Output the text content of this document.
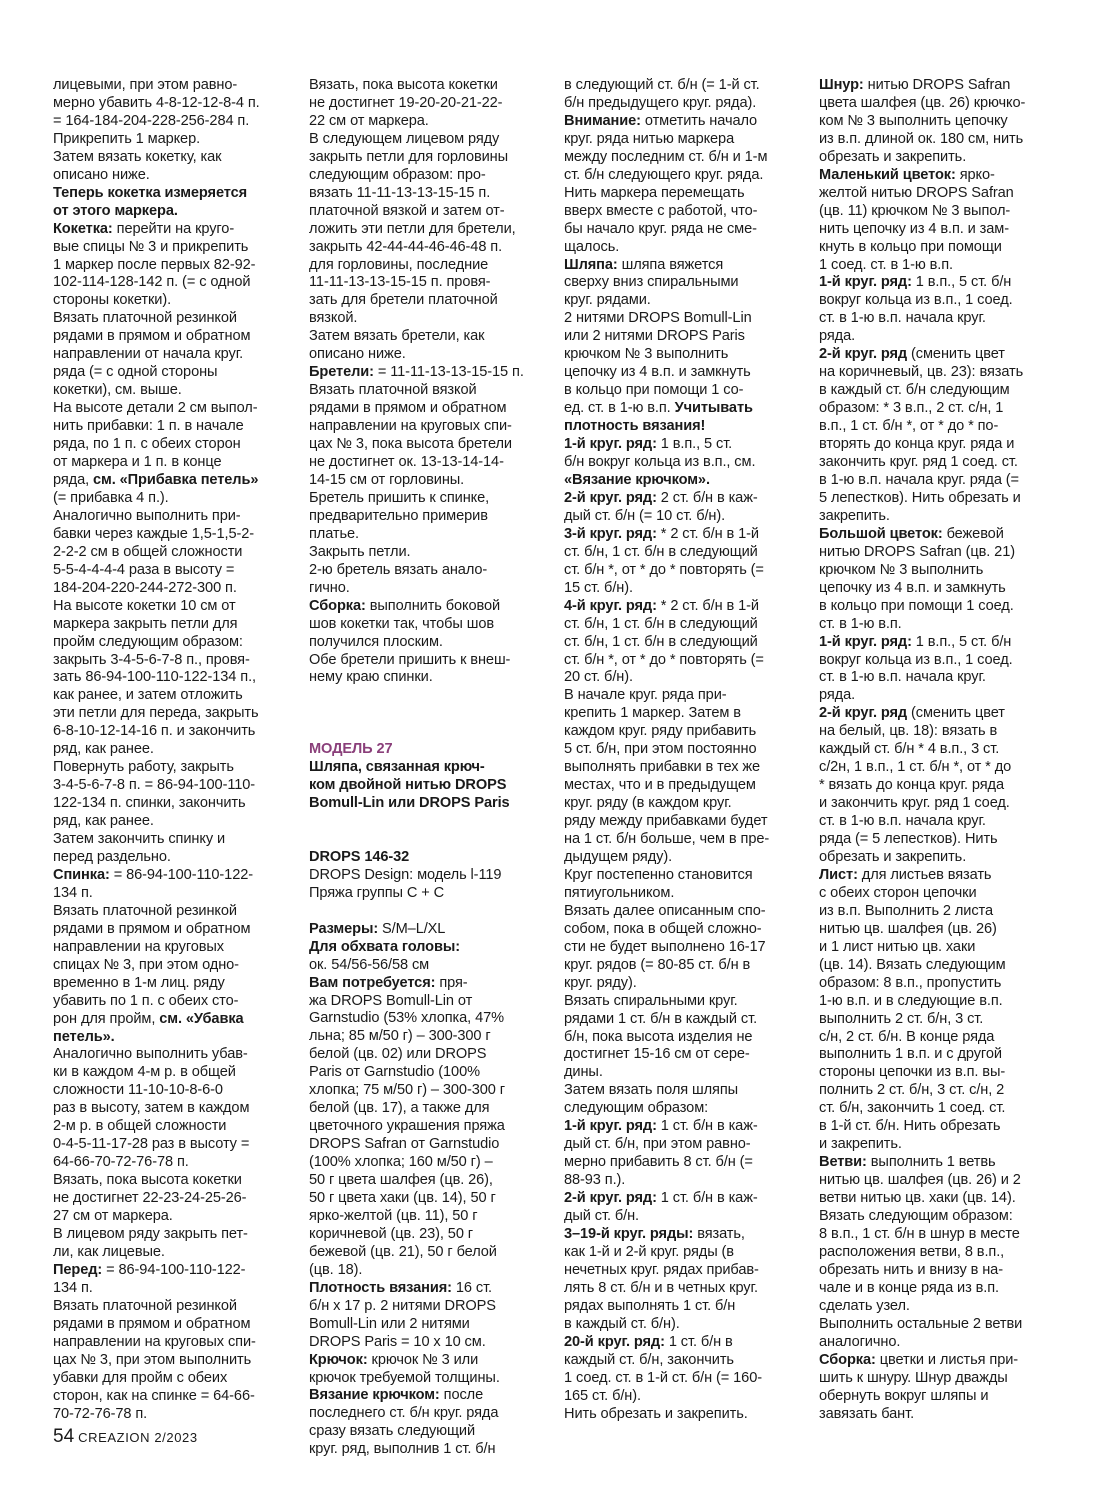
лицевыми, при этом равно-
мерно убавить 4-8-12-12-8-4 п.
= 164-184-204-228-256-284 п.
Прикрепить 1 маркер.
Затем вязать кокетку, как
описано ниже.
Теперь кокетка измеряется
от этого маркера.
Кокетка: перейти на круго-
вые спицы № 3 и прикрепить
1 маркер после первых 82-92-
102-114-128-142 п. (= с одной
стороны кокетки).
Вязать платочной резинкой
рядами в прямом и обратном
направлении от начала круг.
ряда (= с одной стороны
кокетки), см. выше.
На высоте детали 2 см выпол-
нить прибавки: 1 п. в начале
ряда, по 1 п. с обеих сторон
от маркера и 1 п. в конце
ряда, см. «Прибавка петель»
(= прибавка 4 п.).
Аналогично выполнить при-
бавки через каждые 1,5-1,5-2-
2-2-2 см в общей сложности
5-5-4-4-4-4 раза в высоту =
184-204-220-244-272-300 п.
На высоте кокетки 10 см от
маркера закрыть петли для
пройм следующим образом:
закрыть 3-4-5-6-7-8 п., провя-
зать 86-94-100-110-122-134 п.,
как ранее, и затем отложить
эти петли для переда, закрыть
6-8-10-12-14-16 п. и закончить
ряд, как ранее.
Повернуть работу, закрыть
3-4-5-6-7-8 п. = 86-94-100-110-
122-134 п. спинки, закончить
ряд, как ранее.
Затем закончить спинку и
перед раздельно.
Спинка: = 86-94-100-110-122-
134 п.
Вязать платочной резинкой
рядами в прямом и обратном
направлении на круговых
спицах № 3, при этом одно-
временно в 1-м лиц. ряду
убавить по 1 п. с обеих сто-
рон для пройм, см. «Убавка
петель».
Аналогично выполнить убав-
ки в каждом 4-м р. в общей
сложности 11-10-10-8-6-0
раз в высоту, затем в каждом
2-м р. в общей сложности
0-4-5-11-17-28 раз в высоту =
64-66-70-72-76-78 п.
Вязать, пока высота кокетки
не достигнет 22-23-24-25-26-
27 см от маркера.
В лицевом ряду закрыть пет-
ли, как лицевые.
Перед: = 86-94-100-110-122-
134 п.
Вязать платочной резинкой
рядами в прямом и обратном
направлении на круговых спи-
цах № 3, при этом выполнить
убавки для пройм с обеих
сторон, как на спинке = 64-66-
70-72-76-78 п.
Вязать, пока высота кокетки
не достигнет 19-20-20-21-22-
22 см от маркера.
В следующем лицевом ряду
закрыть петли для горловины
следующим образом: про-
вязать 11-11-13-13-15-15 п.
платочной вязкой и затем от-
ложить эти петли для бретели,
закрыть 42-44-44-46-46-48 п.
для горловины, последние
11-11-13-13-15-15 п. провя-
зать для бретели платочной
вязкой.
Затем вязать бретели, как
описано ниже.
Бретели: = 11-11-13-13-15-15 п.
Вязать платочной вязкой
рядами в прямом и обратном
направлении на круговых спи-
цах № 3, пока высота бретели
не достигнет ок. 13-13-14-14-
14-15 см от горловины.
Бретель пришить к спинке,
предварительно примерив
платье.
Закрыть петли.
2-ю бретель вязать анало-
гично.
Сборка: выполнить боковой
шов кокетки так, чтобы шов
получился плоским.
Обе бретели пришить к внеш-
нему краю спинки.
МОДЕЛЬ 27
Шляпа, связанная крюч-
ком двойной нитью DROPS
Bomull-Lin или DROPS Paris
DROPS 146-32
DROPS Design: модель l-119
Пряжа группы С + С
Размеры: S/M–L/XL
Для обхвата головы:
ок. 54/56-56/58 см
Вам потребуется: пря-
жа DROPS Bomull-Lin от
Garnstudio (53% хлопка, 47%
льна; 85 м/50 г) – 300-300 г
белой (цв. 02) или DROPS
Paris от Garnstudio (100%
хлопка; 75 м/50 г) – 300-300 г
белой (цв. 17), а также для
цветочного украшения пряжа
DROPS Safran от Garnstudio
(100% хлопка; 160 м/50 г) –
50 г цвета шалфея (цв. 26),
50 г цвета хаки (цв. 14), 50 г
ярко-желтой (цв. 11), 50 г
коричневой (цв. 23), 50 г
бежевой (цв. 21), 50 г белой
(цв. 18).
Плотность вязания: 16 ст.
б/н х 17 р. 2 нитями DROPS
Bomull-Lin или 2 нитями
DROPS Paris = 10 х 10 см.
Крючок: крючок № 3 или
крючок требуемой толщины.
Вязание крючком: после
последнего ст. б/н круг. ряда
сразу вязать следующий
круг. ряд, выполнив 1 ст. б/н
в следующий ст. б/н (= 1-й ст.
б/н предыдущего круг. ряда).
Внимание: отметить начало
круг. ряда нитью маркера
между последним ст. б/н и 1-м
ст. б/н следующего круг. ряда.
Нить маркера перемещать
вверх вместе с работой, что-
бы начало круг. ряда не сме-
щалось.
Шляпа: шляпа вяжется
сверху вниз спиральными
круг. рядами.
2 нитями DROPS Bomull-Lin
или 2 нитями DROPS Paris
крючком № 3 выполнить
цепочку из 4 в.п. и замкнуть
в кольцо при помощи 1 со-
ед. ст. в 1-ю в.п. Учитывать
плотность вязания!
1-й круг. ряд: 1 в.п., 5 ст.
б/н вокруг кольца из в.п., см.
«Вязание крючком».
2-й круг. ряд: 2 ст. б/н в каж-
дый ст. б/н (= 10 ст. б/н).
3-й круг. ряд: * 2 ст. б/н в 1-й
ст. б/н, 1 ст. б/н в следующий
ст. б/н *, от * до * повторять (=
15 ст. б/н).
4-й круг. ряд: * 2 ст. б/н в 1-й
ст. б/н, 1 ст. б/н в следующий
ст. б/н, 1 ст. б/н в следующий
ст. б/н *, от * до * повторять (=
20 ст. б/н).
В начале круг. ряда при-
крепить 1 маркер. Затем в
каждом круг. ряду прибавить
5 ст. б/н, при этом постоянно
выполнять прибавки в тех же
местах, что и в предыдущем
круг. ряду (в каждом круг.
ряду между прибавками будет
на 1 ст. б/н больше, чем в пре-
дыдущем ряду).
Круг постепенно становится
пятиугольником.
Вязать далее описанным спо-
собом, пока в общей сложно-
сти не будет выполнено 16-17
круг. рядов (= 80-85 ст. б/н в
круг. ряду).
Вязать спиральными круг.
рядами 1 ст. б/н в каждый ст.
б/н, пока высота изделия не
достигнет 15-16 см от сере-
дины.
Затем вязать поля шляпы
следующим образом:
1-й круг. ряд: 1 ст. б/н в каж-
дый ст. б/н, при этом равно-
мерно прибавить 8 ст. б/н (=
88-93 п.).
2-й круг. ряд: 1 ст. б/н в каж-
дый ст. б/н.
3–19-й круг. ряды: вязать,
как 1-й и 2-й круг. ряды (в
нечетных круг. рядах прибав-
лять 8 ст. б/н и в четных круг.
рядах выполнять 1 ст. б/н
в каждый ст. б/н).
20-й круг. ряд: 1 ст. б/н в
каждый ст. б/н, закончить
1 соед. ст. в 1-й ст. б/н (= 160-
165 ст. б/н).
Нить обрезать и закрепить.
Шнур: нитью DROPS Safran
цвета шалфея (цв. 26) крючко-
ком № 3 выполнить цепочку
из в.п. длиной ок. 180 см, нить
обрезать и закрепить.
Маленький цветок: ярко-
желтой нитью DROPS Safran
(цв. 11) крючком № 3 выпол-
нить цепочку из 4 в.п. и зам-
кнуть в кольцо при помощи
1 соед. ст. в 1-ю в.п.
1-й круг. ряд: 1 в.п., 5 ст. б/н
вокруг кольца из в.п., 1 соед.
ст. в 1-ю в.п. начала круг.
ряда.
2-й круг. ряд (сменить цвет
на коричневый, цв. 23): вязать
в каждый ст. б/н следующим
образом: * 3 в.п., 2 ст. с/н, 1
в.п., 1 ст. б/н *, от * до * по-
вторять до конца круг. ряда и
закончить круг. ряд 1 соед. ст.
в 1-ю в.п. начала круг. ряда (=
5 лепестков). Нить обрезать и
закрепить.
Большой цветок: бежевой
нитью DROPS Safran (цв. 21)
крючком № 3 выполнить
цепочку из 4 в.п. и замкнуть
в кольцо при помощи 1 соед.
ст. в 1-ю в.п.
1-й круг. ряд: 1 в.п., 5 ст. б/н
вокруг кольца из в.п., 1 соед.
ст. в 1-ю в.п. начала круг.
ряда.
2-й круг. ряд (сменить цвет
на белый, цв. 18): вязать в
каждый ст. б/н * 4 в.п., 3 ст.
с/2н, 1 в.п., 1 ст. б/н *, от * до
* вязать до конца круг. ряда
и закончить круг. ряд 1 соед.
ст. в 1-ю в.п. начала круг.
ряда (= 5 лепестков). Нить
обрезать и закрепить.
Лист: для листьев вязать
с обеих сторон цепочки
из в.п. Выполнить 2 листа
нитью цв. шалфея (цв. 26)
и 1 лист нитью цв. хаки
(цв. 14). Вязать следующим
образом: 8 в.п., пропустить
1-ю в.п. и в следующие в.п.
выполнить 2 ст. б/н, 3 ст.
с/н, 2 ст. б/н. В конце ряда
выполнить 1 в.п. и с другой
стороны цепочки из в.п. вы-
полнить 2 ст. б/н, 3 ст. с/н, 2
ст. б/н, закончить 1 соед. ст.
в 1-й ст. б/н. Нить обрезать
и закрепить.
Ветви: выполнить 1 ветвь
нитью цв. шалфея (цв. 26) и 2
ветви нитью цв. хаки (цв. 14).
Вязать следующим образом:
8 в.п., 1 ст. б/н в шнур в месте
расположения ветви, 8 в.п.,
обрезать нить и внизу в на-
чале и в конце ряда из в.п.
сделать узел.
Выполнить остальные 2 ветви
аналогично.
Сборка: цветки и листья при-
шить к шнуру. Шнур дважды
обернуть вокруг шляпы и
завязать бант.
54 CREAZION 2/2023
